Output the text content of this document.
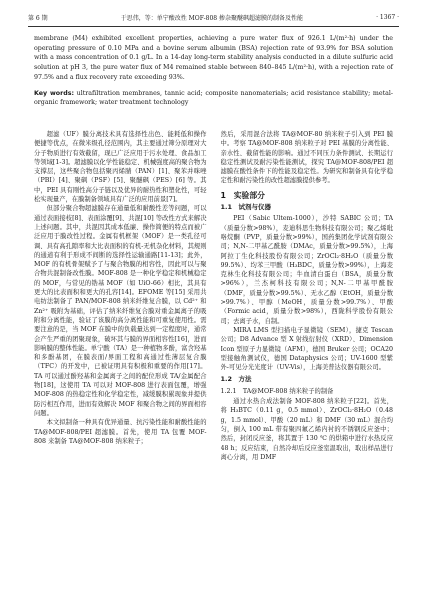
第 6 期	于思伟，等：单宁酸改性 MOF-808 掺杂聚醚砜超滤膜的制备及性能	· 1367 ·

membrane (M4) exhibited excellent properties, achieving a pure water flux of 926.1 L/(m²·h) under the operating pressure of 0.10 MPa and a bovine serum albumin (BSA) rejection rate of 93.9% for BSA solution with a mass concentration of 0.1 g/L. In a 14-day long-term stability analysis conducted in a dilute sulfuric acid solution at pH 3, the pure water flux of M4 remained stable between 840–845 L/(m²·h), with a rejection rate of 97.5% and a flux recovery rate exceeding 93%.

Key words: ultrafiltration membranes, tannic acid; composite nanomaterials; acid resistance stability; metal-organic framework; water treatment technology

超滤（UF）膜分离技术具有选择性出色、能耗低和操作便捷等优点，在微米级孔径范围内，其主要通过筛分原理对大分子物质进行有效截留，现已广泛应用于污水处理、食品加工等领域[1-3]。超滤膜以化学性能稳定、机械强度高的聚合物为支撑层，这些聚合物包括聚丙烯腈（PAN）[1]、聚苯并咪唑（PBI）[4]、聚砜（PSF）[5]、聚醚砜（PES）[6] 等。其中，PEI 具有刚性高分子链以及优异的耐热性和塑化性，可轻松实现量产，在膜制备领域具有广泛的应用前景[7]。

但部分聚合物超滤膜存在通量低和耐酸性差等问题，可以通过表面接枝[8]、表面涂覆[9]、共混[10] 等改性方式来解决上述问题。其中，共混因其成本低廉、操作简便的特点而被广泛应用于膜改性过程。金属有机框架（MOF）是一类孔径可调、具有高孔隙率和大比表面积的有机-无机杂化材料，其规则的通道有利于形成不间断的选择性运输通路[11-13]；此外，MOF 的有机骨架赋予了与聚合物膜的相容性，因此可以与聚合物共混制备改性膜。MOF-808 是一种化学稳定和机械稳定的 MOF，与常见的锆基 MOF（如 UiO-66）相比，其具有更大的比表面积和更大的孔容[14]。EFOME 等[15] 采用共电纺法制备了 PAN/MOF-808 纳米纤维复合膜，以 Cd²⁺ 和 Zn²⁺ 吸附为基础，评估了纳米纤维复合膜对重金属离子的吸附和分离性能，验证了该膜的高分离性能和可重复使用性。需要注意的是，当 MOF 在膜中的负载量达到一定程度时，通常会产生严重的团聚现象，破坏其与膜的界面相容性[16]，进而影响膜的整体性能。单宁酸（TA）是一种植物多酚，富含羟基和多酚基团，在膜表面/界面工程和高通过性薄层复合膜（TFC）的开发中，已被证明具有积极和重要的作用[17]。TA 可以通过酚羟基和金属离子之间的配位形成 TA/金属配合物[18]，这使用 TA 可以对 MOF-808 进行表面包覆，增强 MOF-808 的热稳定性和化学稳定性，减缓膜积累现象并提供防污相互作用，进而有效解决 MOF 和聚合物之间的界面相容问题。

本文拟制备一种具有优异通量、抗污染性能和耐酸性能的 TA@MOF-808/PEI 超滤膜。首先，使用 TA 包覆 MOF-808 来制备 TA@MOF-808 纳米粒子；

然后，采用混合法将 TA@MOF-80 纳米粒子引入到 PEI 膜中。考察 TA@MOF-808 纳米粒子对 PEI 基膜的分离性能、亲水性、截留性能的影响。通过不同压力条件测试、长期运行稳定性测试及耐污染性能测试，探究 TA@MOF-808/PEI 超滤膜在酸性条件下的性能及稳定性。为研究和制备具有化学稳定性和耐污染性的改性超滤膜提供参考。

1　实验部分
1.1　试剂与仪器

PEI（Sabic Ultem-1000），沙特 SABIC 公司；TA（质量分数>98%），麦迪科思生物科技有限公司；聚乙烯吡咯烷酮（PVP，质量分数>99%），国药集团化学试剂有限公司；N,N-二甲基乙酰胺（DMAc，质量分数>99.5%），上海阿拉丁生化科技股份有限公司；ZrOCl₂·8H₂O（质量分数 99.5%）、均苯三甲酸（H₃BDC，质量分数>99%），上海麦克林生化科技有限公司；牛血清白蛋白（BSA，质量分数>96%），兰杰柯科技有限公司；N,N-二甲基甲酰胺（DMF，质量分数>99.5%）、无水乙醇（EtOH，质量分数>99.7%）、甲醇（MeOH，质量分数>99.7%）、甲酸（Formic acid，质量分数>98%），西陇科学股份有限公司；去离子水，自制。

MIRA LMS 型扫描电子显微镜（SEM），捷克 Tescan 公司；D8 Advance 型 X 射线衍射仪（XRD）、Dimension Icon 型原子力显微镜（AFM），德国 Bruker 公司；OCA20 型接触角测试仪，德国 Dataphysics 公司；UV-1600 型紫外-可见分光光度计（UV-Vis），上海美普达仪器有限公司。

1.2　方法
1.2.1　TA@MOF-808 纳米粒子的制备

通过水热合成法制备 MOF-808 纳米粒子[22]。首先，将 H₃BTC（0.11 g，0.5 mmol）、ZrOCl₂·8H₂O（0.48 g，1.5 mmol）、甲酸（20 mL）和 DMF（30 mL）混合均匀，倒入 100 mL 带有聚四氟乙烯内衬的不锈钢反应釜中；然后，封闭反应釜，将其置于 130 ℃ 的烘箱中进行水热反应 48 h；反应结束，自然冷却后反应釜室温取出，取出样品进行离心分离，用 DMF
